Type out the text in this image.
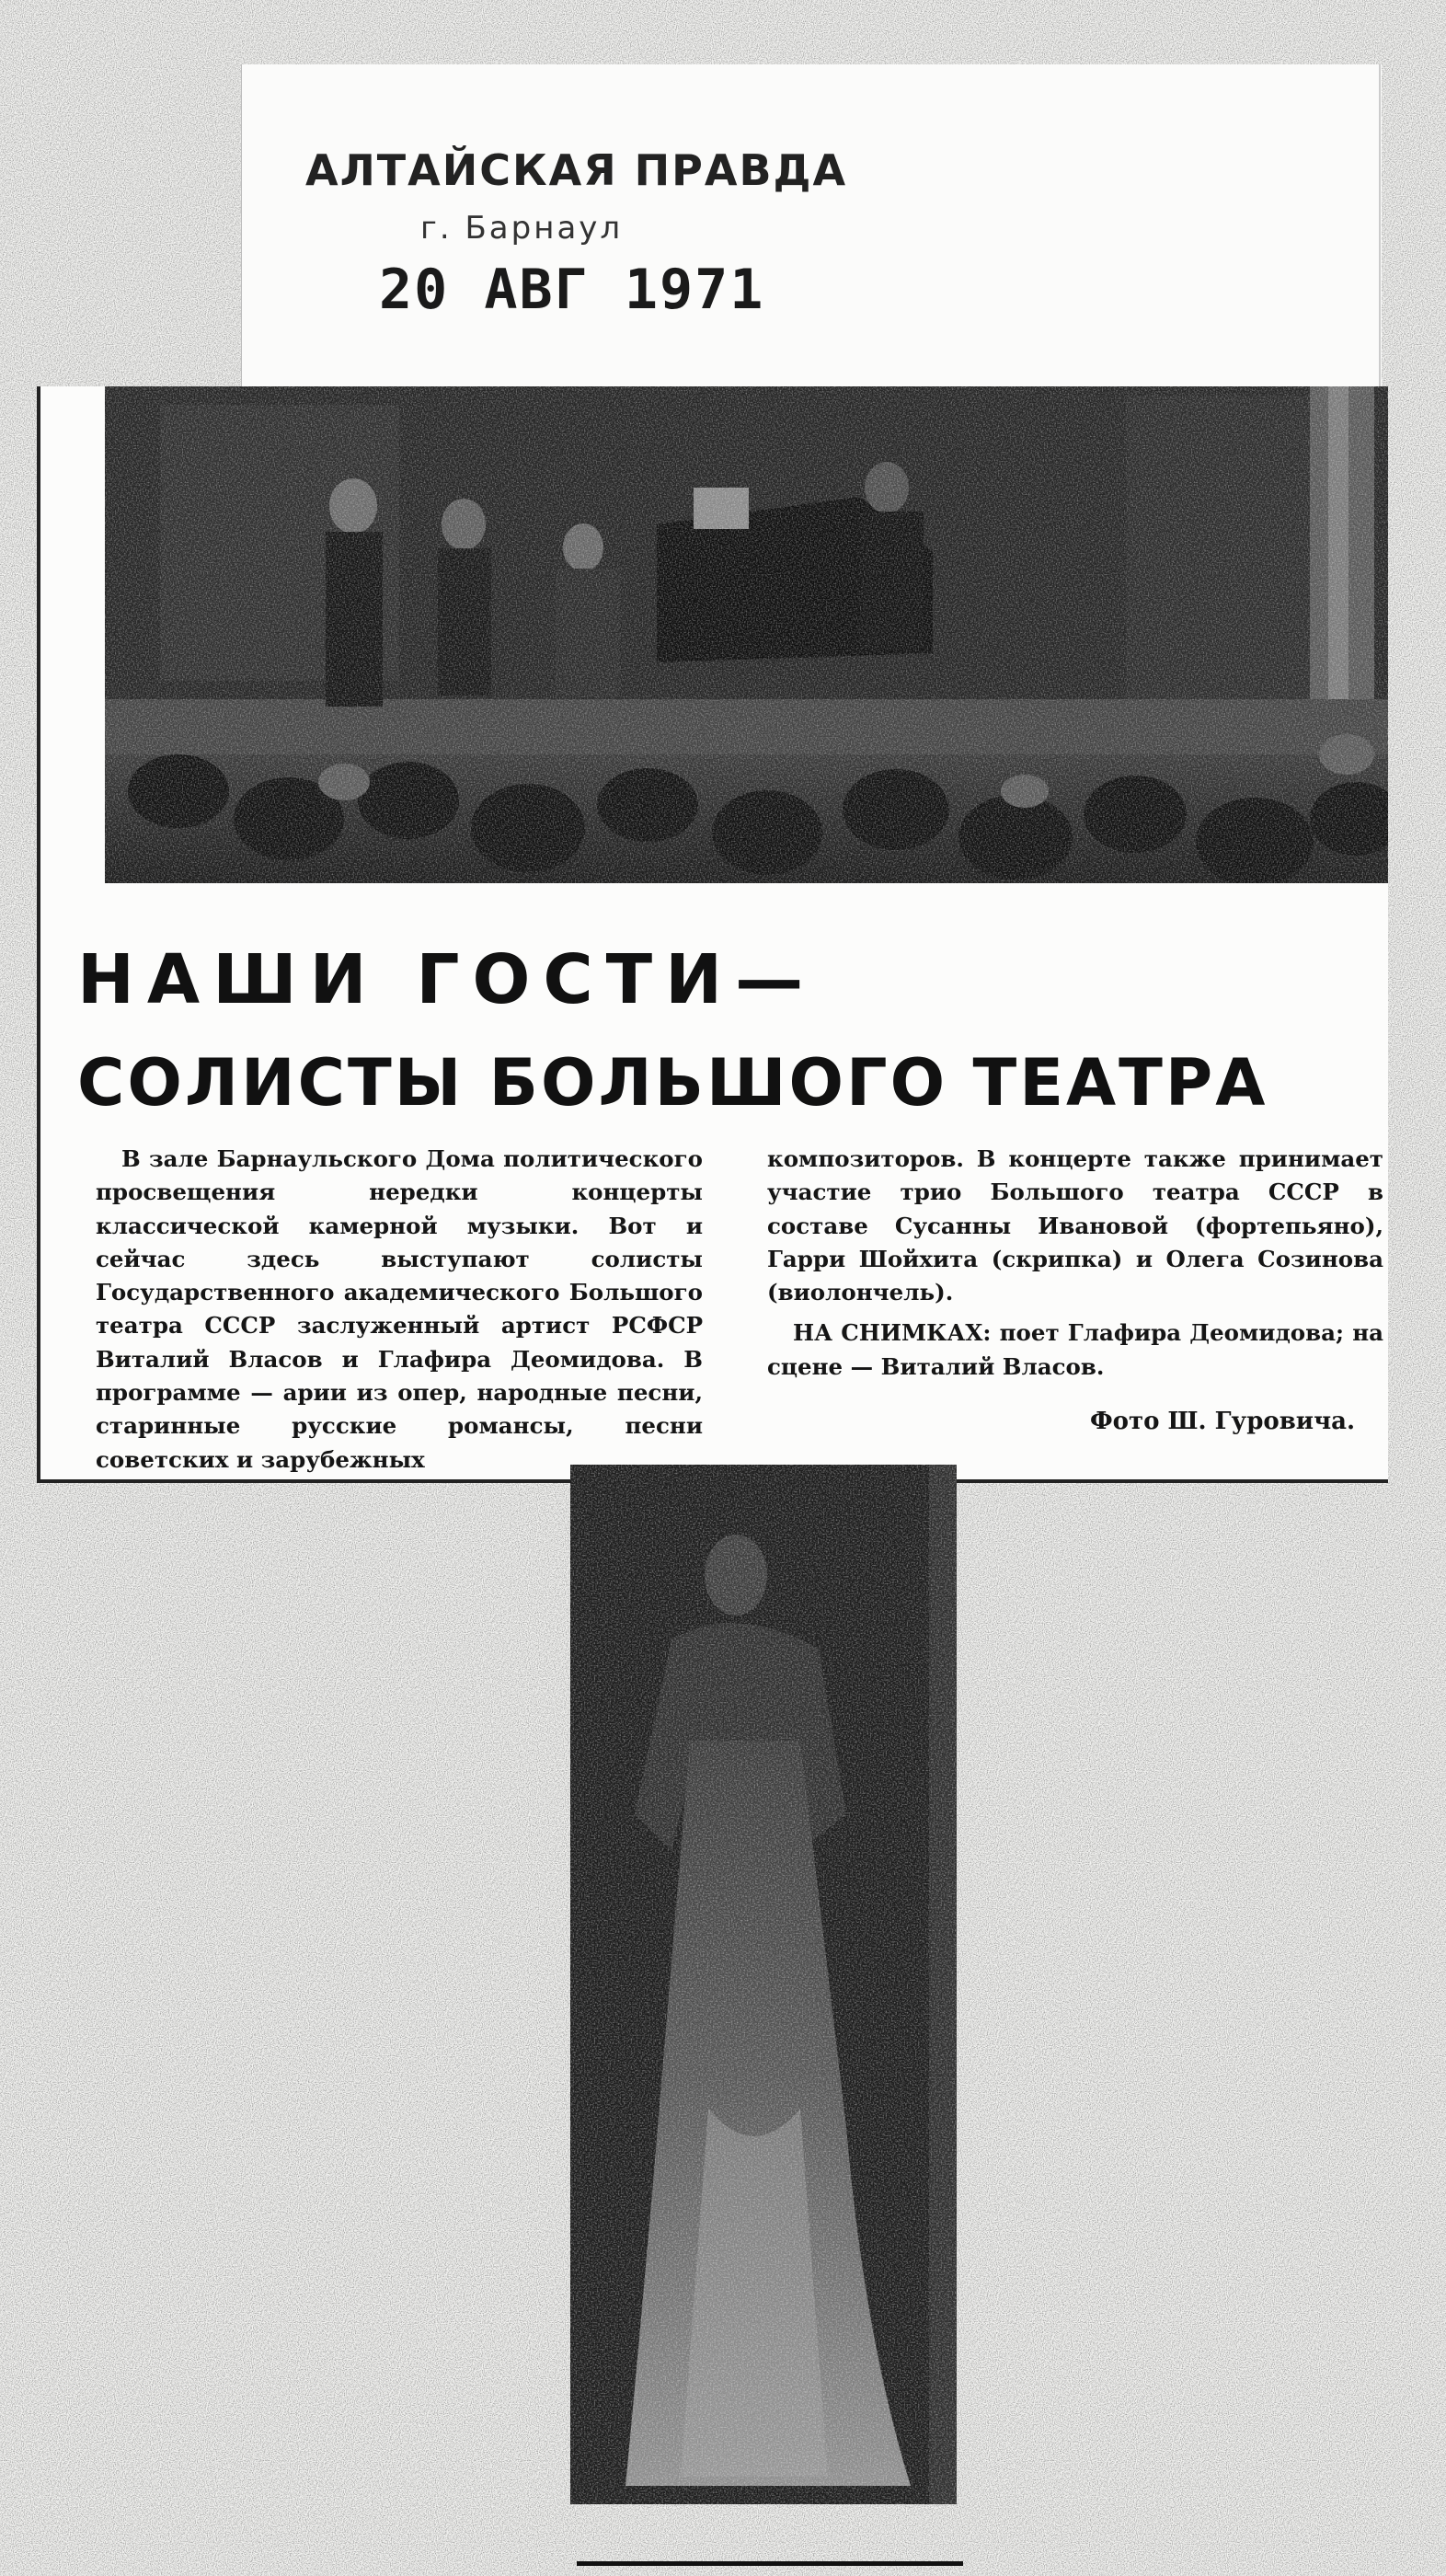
АЛТАЙСКАЯ ПРАВДА
г. Барнаул
20 АВГ 1971
НАШИ ГОСТИ—
СОЛИСТЫ БОЛЬШОГО ТЕАТРА

В зале Барнаульского Дома политического просвещения нередки концерты классической камерной музыки. Вот и сейчас здесь выступают солисты Государственного академического Большого театра СССР заслуженный артист РСФСР Виталий Власов и Глафира Деомидова. В программе — арии из опер, народные песни, старинные русские романсы, песни советских и зарубежных

композиторов. В концерте также принимает участие трио Большого театра СССР в составе Сусанны Ивановой (фортепьяно), Гарри Шойхита (скрипка) и Олега Созинова (виолончель).

НА СНИМКАХ: поет Глафира Деомидова; на сцене — Виталий Власов.

Фото Ш. Гуровича.
